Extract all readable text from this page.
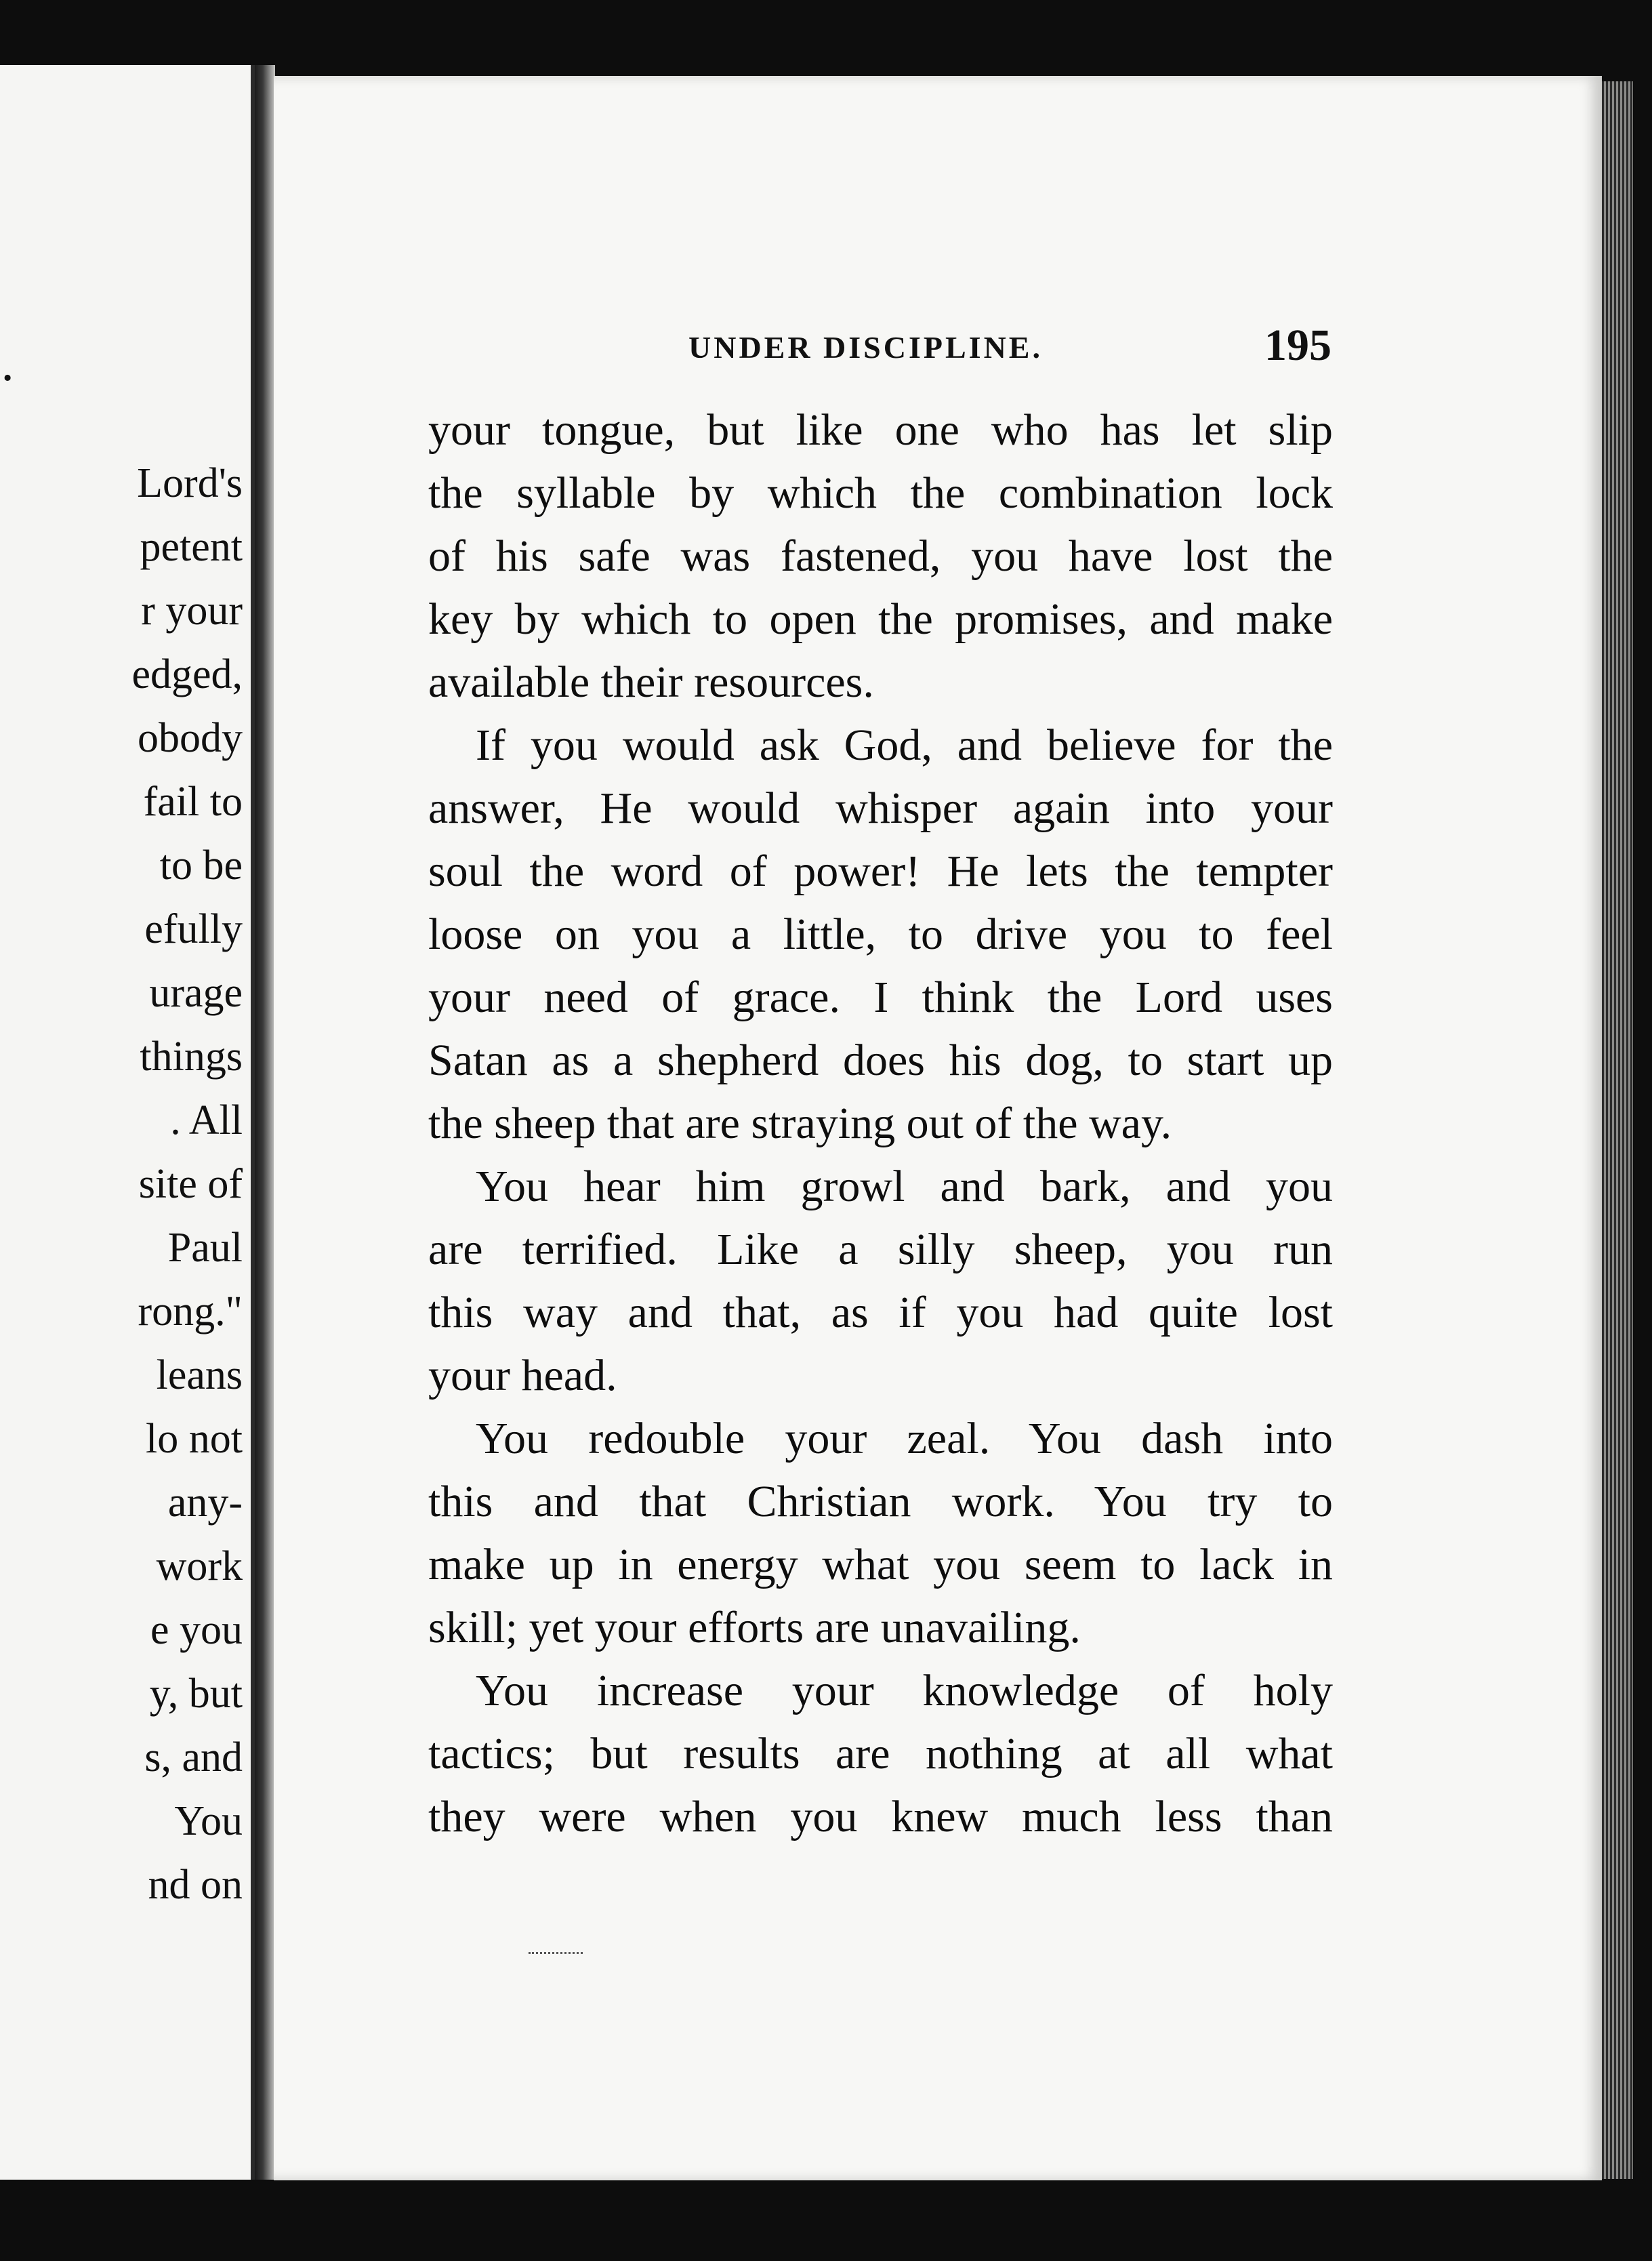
.
Lord's
petent
r your
edged,
obody
fail to
to be
efully
urage
things
. All
site of
Paul
rong."
leans
lo not
any-
work
e you
y, but
s, and
You
nd on
UNDER DISCIPLINE.	195
your tongue, but like one who has let slip
the syllable by which the combination lock
of his safe was fastened, you have lost the
key by which to open the promises, and make
available their resources.
If you would ask God, and believe for the
answer, He would whisper again into your
soul the word of power! He lets the tempter
loose on you a little, to drive you to feel
your need of grace. I think the Lord uses
Satan as a shepherd does his dog, to start up
the sheep that are straying out of the way.
You hear him growl and bark, and you
are terrified. Like a silly sheep, you run
this way and that, as if you had quite lost
your head.
You redouble your zeal. You dash into
this and that Christian work. You try to
make up in energy what you seem to lack in
skill; yet your efforts are unavailing.
You increase your knowledge of holy
tactics; but results are nothing at all what
they were when you knew much less than
